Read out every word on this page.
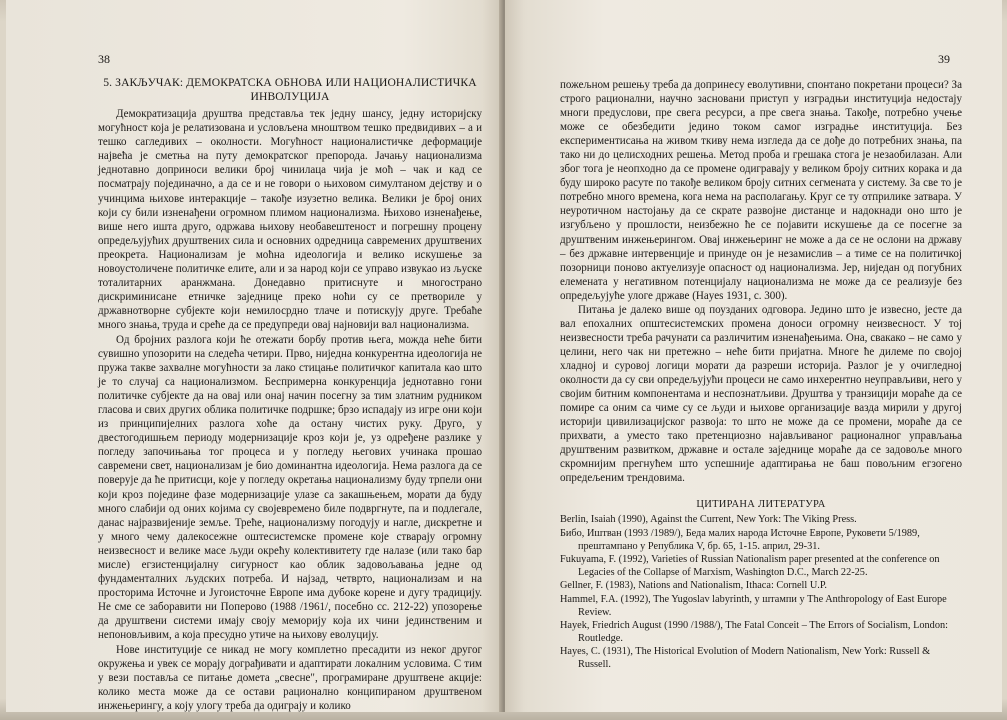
38
5. ЗАКЉУЧАК: ДЕМОКРАТСКА ОБНОВА ИЛИ НАЦИОНАЛИСТИЧКА
ИНВОЛУЦИЈА

Демократизација друштва представља тек једну шансу, једну историјску могућност која је релатизована и условљена мноштвом тешко предвидивих – а и тешко сагледивих – околности. Могућност националистичке деформације највећа је сметња на путу демократског препорода. Јачању национализма једнотавно доприноси велики број чинилаца чија је моћ – чак и кад се посматрају појединачно, а да се и не говори о њиховом симултаном дејству и о учинцима њихове интеракције – такође изузетно велика. Велики је број оних који су били изненађени огромном плимом национализма. Њихово изненађење, више него ишта друго, одржава њихову необавештеност и погрешну процену опредељујућих друштвених сила и основних одредница савремених друштвених преокрета. Национализам је моћна идеологија и велико искушење за новоустоличене политичке елите, али и за народ који се управо извукао из љуске тоталитарних аранжмана. Донедавно притиснуте и многострано дискриминисане етничке заједнице преко ноћи су се претвориле у државнотворне субјекте који немилосрдно тлаче и потискују друге. Требаће много знања, труда и среће да се предупреди овај најновији вал национализма.

Од бројних разлога који ће отежати борбу против њега, можда неће бити сувишно упозорити на следећа четири. Прво, ниједна конкурентна идеологија не пружа такве захвалне могућности за лако стицање политичког капитала као што је то случај са национализмом. Беспримерна конкуренција једнотавно гони политичке субјекте да на овај или онај начин посегну за тим златним рудником гласова и свих других облика политичке подршке; брзо испадају из игре они који из принципијелних разлога хоће да остану чистих руку. Друго, у двестогодишњем периоду модернизације кроз који је, уз одређене разлике у погледу започињања тог процеса и у погледу његових учинака прошао савремени свет, национализам је био доминантна идеологија. Нема разлога да се поверује да ће притисци, које у погледу окретања национализму буду трпели они који кроз поједине фазе модернизације улазе са закашњењем, морати да буду много слабији од оних којима су својевремено биле подвргнуте, па и подлегале, данас најразвијеније земље. Треће, национализму погодују и нагле, дискретне и у много чему далекосежне оштесистемске промене које стварају огромну неизвесност и велике масе људи окрећу колективитету где налазе (или тако бар мисле) егзистенцијалну сигурност као облик задовољавања једне од фундаменталних људских потреба. И најзад, четврто, национализам и на просторима Источне и Југоисточне Европе има дубоке корене и дугу традицију. Не сме се заборавити ни Поперово (1988 /1961/, посебно сс. 212-22) упозорење да друштвени системи имају своју меморију која их чини јединственим и непоновљивим, а која пресудно утиче на њихову еволуцију.

Нове институције се никад не могу комплетно пресадити из неког другог окружења и увек се морају дограђивати и адаптирати локалним условима. С тим у вези поставља се питање домета „свесне", програмиране друштвене акције: колико места може да се остави рационално конципираном друштвеном инжењерингу, а коју улогу треба да одиграју и колико

39

пожељном решењу треба да допринесу еволутивни, спонтано покретани процеси? За строго рационални, научно засновани приступ у изградњи институција недостају многи предуслови, пре свега ресурси, а пре свега знања. Такође, потребно учење може се обезбедити једино током самог изградње институција. Без експериментисања на живом ткиву нема изгледа да се дође до потребних знања, па тако ни до целисходних решења. Метод проба и грешака стога је незаобилазан. Али због тога је неопходно да се промене одигравају у великом броју ситних корака и да буду широко расуте по такође великом броју ситних сегмената у систему. За све то је потребно много времена, кога нема на располагању. Круг се ту отприлике затвара. У неуротичном настојању да се скрате развојне дистанце и надокнади оно што је изгубљено у прошлости, неизбежно ће се појавити искушење да се посегне за друштвеним инжењерингом. Овај инжењеринг не може а да се не ослони на државу – без државне интервенције и принуде он је незамислив – а тиме се на политичкој позорници поново актуелизује опасност од национализма. Јер, ниједан од погубних елемената у негативном потенцијалу национализма не може да се реализује без опредељујуће улоге државе (Hayes 1931, с. 300).

Питања је далеко више од поузданих одговора. Једино што је извесно, јесте да вал епохалних општесистемских промена доноси огромну неизвесност. У тој неизвесности треба рачунати са различитим изненађењима. Она, свакако – не само у целини, него чак ни претежно – неће бити пријатна. Многе ће дилеме по својој хладној и суровој логици морати да разреши историја. Разлог је у очигледној околности да су сви опредељујући процеси не само инхерентно неуправљиви, него у својим битним компонентама и неспознатљиви. Друштва у транзицији мораће да се помире са оним са чиме су се људи и њихове организације вазда мирили у другој историји цивилизацијског развоја: то што не може да се промени, мораће да се прихвати, а уместо тако претенциозно најављиваног рационалног управљања друштвеним развитком, државне и остале заједнице мораће да се задовоље много скромнијим прегнућем што успешније адаптирања не баш повољним егзогено опредељеним трендовима.

ЦИТИРАНА ЛИТЕРАТУРА

Berlin, Isaiah (1990), Against the Current, New York: The Viking Press.

Бибо, Иштван (1993 /1989/), Беда малих народа Источне Европе, Руковети 5/1989, прештампано у Република V, бр. 65, 1-15. април, 29-31.

Fukuyama, F. (1992), Varieties of Russian Nationalism paper presented at the conference on Legacies of the Collapse of Marxism, Washington D.C., March 22-25.

Gellner, F. (1983), Nations and Nationalism, Ithaca: Cornell U.P.

Hammel, F.A. (1992), The Yugoslav labyrinth, у штампи у The Anthropology of East Europe Review.

Hayek, Friedrich August (1990 /1988/), The Fatal Conceit – The Errors of Socialism, London: Routledge.

Hayes, C. (1931), The Historical Evolution of Modern Nationalism, New York: Russell & Russell.
